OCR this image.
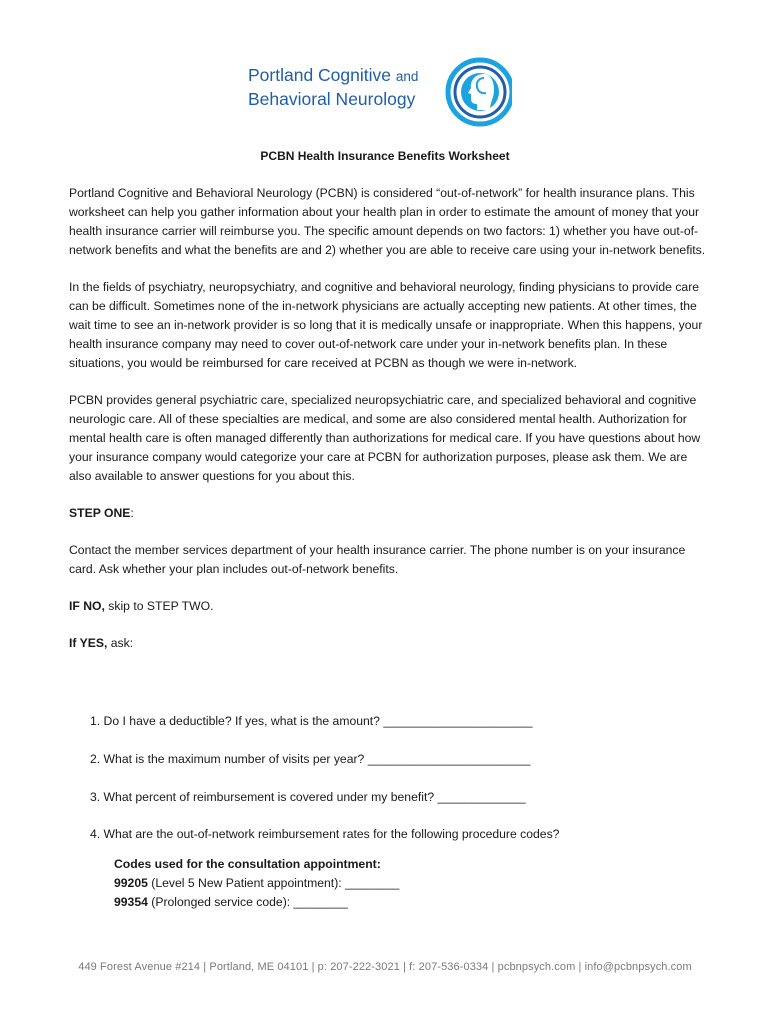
Portland Cognitive and
Behavioral Neurology
PCBN Health Insurance Benefits Worksheet

Portland Cognitive and Behavioral Neurology (PCBN) is considered “out-of-network” for health insurance plans. This worksheet can help you gather information about your health plan in order to estimate the amount of money that your health insurance carrier will reimburse you. The specific amount depends on two factors: 1) whether you have out-of-network benefits and what the benefits are and 2) whether you are able to receive care using your in-network benefits.

In the fields of psychiatry, neuropsychiatry, and cognitive and behavioral neurology, finding physicians to provide care can be difficult. Sometimes none of the in-network physicians are actually accepting new patients. At other times, the wait time to see an in-network provider is so long that it is medically unsafe or inappropriate. When this happens, your health insurance company may need to cover out-of-network care under your in-network benefits plan. In these situations, you would be reimbursed for care received at PCBN as though we were in-network.

PCBN provides general psychiatric care, specialized neuropsychiatric care, and specialized behavioral and cognitive neurologic care. All of these specialties are medical, and some are also considered mental health. Authorization for mental health care is often managed differently than authorizations for medical care. If you have questions about how your insurance company would categorize your care at PCBN for authorization purposes, please ask them. We are also available to answer questions for you about this.

STEP ONE:

Contact the member services department of your health insurance carrier. The phone number is on your insurance card. Ask whether your plan includes out-of-network benefits.

IF NO, skip to STEP TWO.

If YES, ask:

1. Do I have a deductible? If yes, what is the amount? ______________________
2. What is the maximum number of visits per year? ________________________
3. What percent of reimbursement is covered under my benefit? _____________
4. What are the out-of-network reimbursement rates for the following procedure codes?
Codes used for the consultation appointment:
99205 (Level 5 New Patient appointment): ________
99354 (Prolonged service code): ________
449 Forest Avenue #214 | Portland, ME 04101 | p: 207-222-3021 | f: 207-536-0334 | pcbnpsych.com | info@pcbnpsych.com
